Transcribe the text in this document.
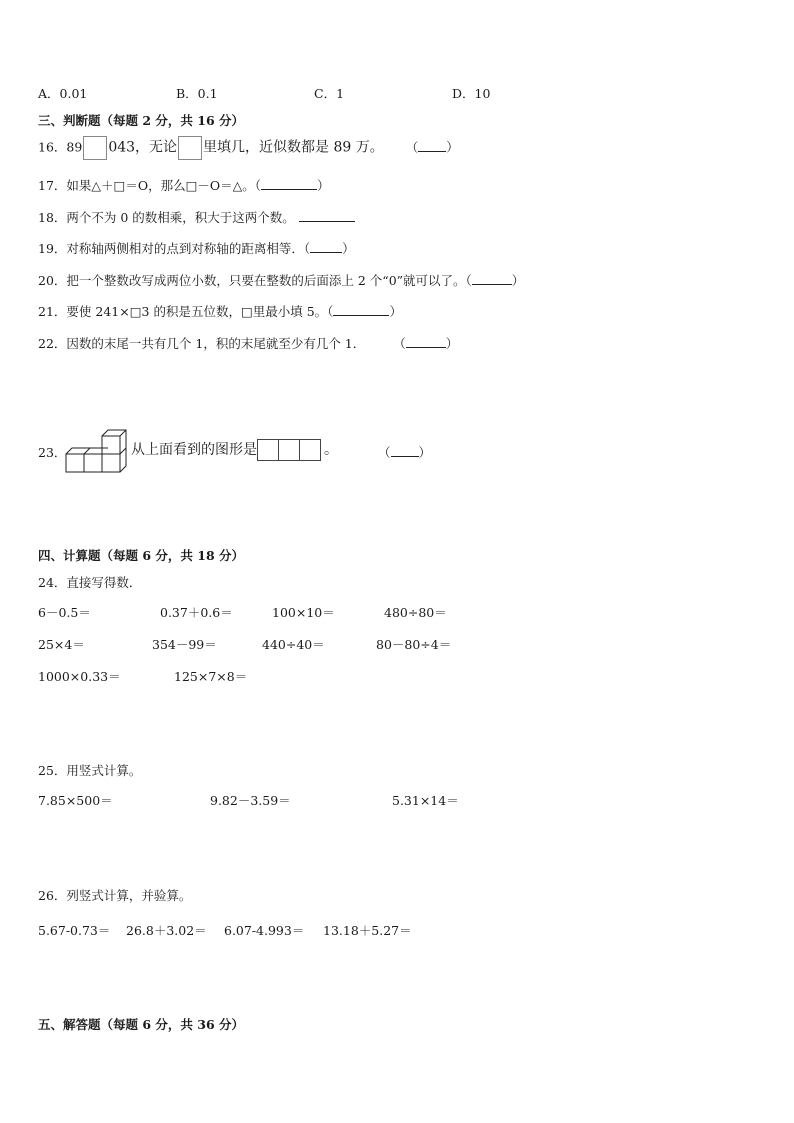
A．0.01	B．0.1	C．1	D．10
三、判断题（每题 2 分，共 16 分）
16．89 043，无论 里填几，近似数都是 89 万。 （ ）
17．如果△＋□＝O，那么□－O＝△。（	）
18．两个不为 0 的数相乘，积大于这两个数。
19．对称轴两侧相对的点到对称轴的距离相等．（	）
20．把一个整数改写成两位小数，只要在整数的后面添上 2 个“0”就可以了。（	）
21．要使 241×□3 的积是五位数，□里最小填 5。（	）
22．因数的末尾一共有几个 1，积的末尾就至少有几个 1． （	）
23．	从上面看到的图形是	。	（ ）
四、计算题（每题 6 分，共 18 分）
24．直接写得数．
6－0.5＝	0.37＋0.6＝	100×10＝	480÷80＝
25×4＝	354－99＝	440÷40＝	80－80÷4＝
1000×0.33＝	125×7×8＝
25．用竖式计算。
7.85×500＝	9.82－3.59＝	5.31×14＝
26．列竖式计算，并验算。
5.67-0.73＝ 26.8＋3.02＝ 6.07-4.993＝ 13.18＋5.27＝
五、解答题（每题 6 分，共 36 分）
